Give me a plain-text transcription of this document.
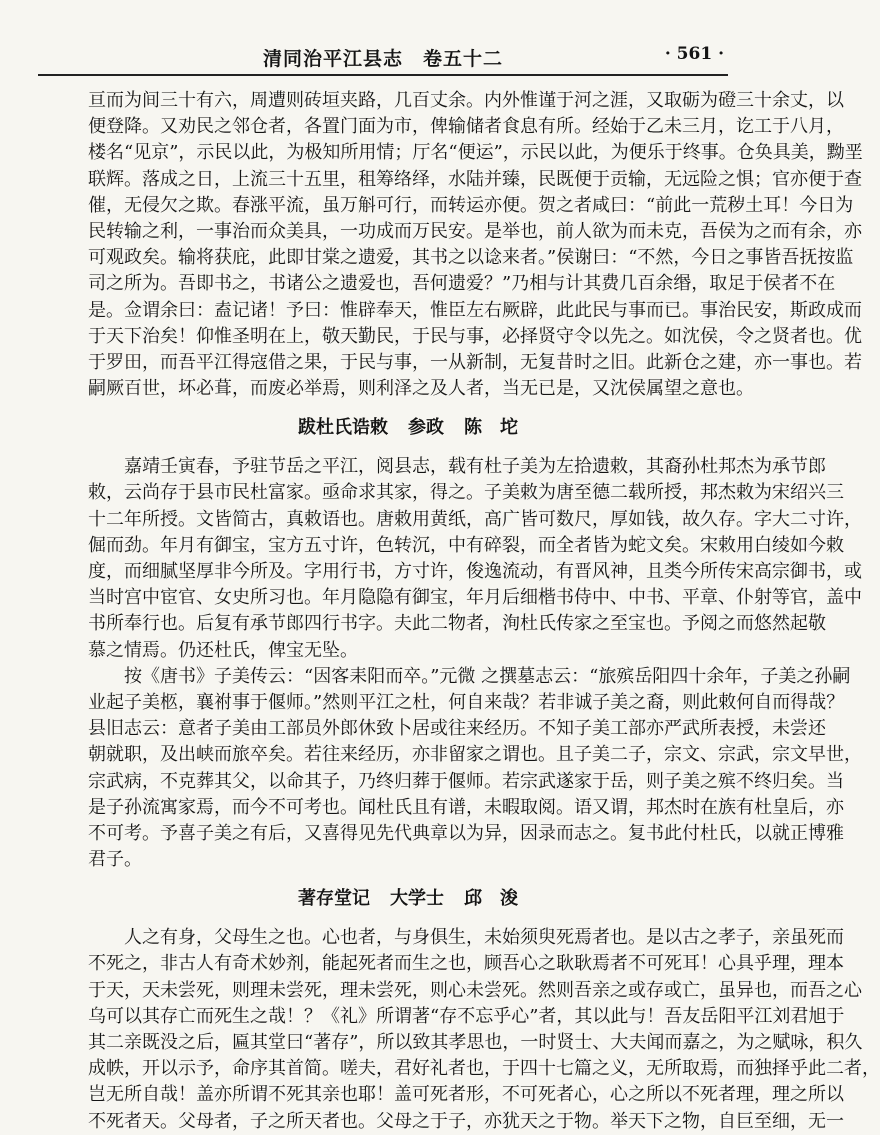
清同治平江县志　卷五十二	· 561 ·
亘而为间三十有六，周遭则砖垣夹路，几百丈余。内外惟谨于河之涯，又取砺为磴三十余丈，以
便登降。又劝民之邻仓者，各置门面为市，俾输储者食息有所。经始于乙未三月，讫工于八月，
楼名“见京”，示民以此，为极知所用情；厅名“便运”，示民以此，为便乐于终事。仓奂具美，黝垩
联辉。落成之日，上流三十五里，租筹络绎，水陆并臻，民既便于贡输，无远险之惧；官亦便于查
催，无侵欠之欺。春涨平流，虽万斛可行，而转运亦便。贺之者咸曰：“前此一荒秽土耳！今日为
民转输之利，一事治而众美具，一功成而万民安。是举也，前人欲为而未克，吾侯为之而有余，亦
可观政矣。输将获庇，此即甘棠之遗爱，其书之以谂来者。”侯谢曰：“不然，今日之事皆吾抚按监
司之所为。吾即书之，书诸公之遗爱也，吾何遗爱？”乃相与计其费几百余缗，取足于侯者不在
是。佥谓余曰：盍记诸！予曰：惟辟奉天，惟臣左右厥辟，此此民与事而已。事治民安，斯政成而
于天下治矣！仰惟圣明在上，敬天勤民，于民与事，必择贤守令以先之。如沈侯，令之贤者也。优
于罗田，而吾平江得寇借之果，于民与事，一从新制，无复昔时之旧。此新仓之建，亦一事也。若
嗣厥百世，坏必葺，而废必举焉，则利泽之及人者，当无已是，又沈侯属望之意也。
跋杜氏诰敕 参政 陈　坨
嘉靖壬寅春，予驻节岳之平江，阅县志，载有杜子美为左拾遗敕，其裔孙杜邦杰为承节郎
敕，云尚存于县市民杜富家。亟命求其家，得之。子美敕为唐至德二载所授，邦杰敕为宋绍兴三
十二年所授。文皆简古，真敕语也。唐敕用黄纸，高广皆可数尺，厚如钱，故久存。字大二寸许，
倔而劲。年月有御宝，宝方五寸许，色转沉，中有碎裂，而全者皆为蛇文矣。宋敕用白绫如今敕
度，而细腻坚厚非今所及。字用行书，方寸许，俊逸流动，有晋风神，且类今所传宋高宗御书，或
当时宫中宦官、女史所习也。年月隐隐有御宝，年月后细楷书侍中、中书、平章、仆射等官，盖中
书所奉行也。后复有承节郎四行书字。夫此二物者，洵杜氏传家之至宝也。予阅之而悠然起敬
慕之情焉。仍还杜氏，俾宝无坠。
按《唐书》子美传云：“因客耒阳而卒。”元微 之撰墓志云：“旅殡岳阳四十余年，子美之孙嗣
业起子美柩，襄祔事于偃师。”然则平江之杜，何自来哉？若非诚子美之裔，则此敕何自而得哉？
县旧志云：意者子美由工部员外郎休致卜居或往来经历。不知子美工部亦严武所表授，未尝还
朝就职，及出峡而旅卒矣。若往来经历，亦非留家之谓也。且子美二子，宗文、宗武，宗文早世，
宗武病，不克葬其父，以命其子，乃终归葬于偃师。若宗武遂家于岳，则子美之殡不终归矣。当
是子孙流寓家焉，而今不可考也。闻杜氏且有谱，未暇取阅。语又谓，邦杰时在族有杜皇后，亦
不可考。予喜子美之有后，又喜得见先代典章以为异，因录而志之。复书此付杜氏，以就正博雅
君子。
著存堂记 大学士 邱　浚
人之有身，父母生之也。心也者，与身俱生，未始须臾死焉者也。是以古之孝子，亲虽死而
不死之，非古人有奇术妙剂，能起死者而生之也，顾吾心之耿耿焉者不可死耳！心具乎理，理本
于天，天未尝死，则理未尝死，理未尝死，则心未尝死。然则吾亲之或存或亡，虽异也，而吾之心
乌可以其存亡而死生之哉！？《礼》所谓著“存不忘乎心”者，其以此与！吾友岳阳平江刘君旭于
其二亲既没之后，匾其堂曰“著存”，所以致其孝思也，一时贤士、大夫闻而嘉之，为之赋咏，积久
成帙，开以示予，命序其首简。嗟夫，君好礼者也，于四十七篇之义，无所取焉，而独择乎此二者，
岂无所自哉！盖亦所谓不死其亲也耶！盖可死者形，不可死者心，心之所以不死者理，理之所以
不死者天。父母者，子之所天者也。父母之于子，亦犹天之于物。举天下之物，自巨至细，无一
